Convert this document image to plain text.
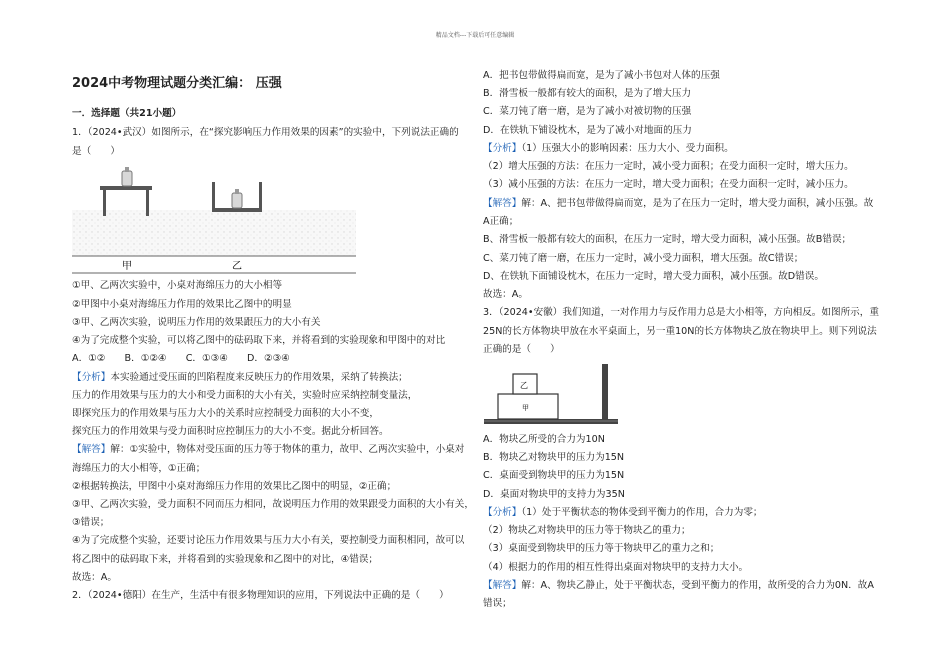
精品文档---下载后可任意编辑
2024中考物理试题分类汇编： 压强
一．选择题（共21小题）
1．（2024•武汉）如图所示，在“探究影响压力作用效果的因素”的实验中，下列说法正确的
是（　　）
甲	乙
①甲、乙两次实验中，小桌对海绵压力的大小相等
②甲图中小桌对海绵压力作用的效果比乙图中的明显
③甲、乙两次实验，说明压力作用的效果跟压力的大小有关
④为了完成整个实验，可以将乙图中的砝码取下来，并将看到的实验现象和甲图中的对比
A．①②　　B．①②④　　C．①③④　　D．②③④
【分析】本实验通过受压面的凹陷程度来反映压力的作用效果，采纳了转换法；
压力的作用效果与压力的大小和受力面积的大小有关，实验时应采纳控制变量法，
即探究压力的作用效果与压力大小的关系时应控制受力面积的大小不变，
探究压力的作用效果与受力面积时应控制压力的大小不变。据此分析回答。
【解答】解：①实验中，物体对受压面的压力等于物体的重力，故甲、乙两次实验中，小桌对
海绵压力的大小相等，①正确；
②根据转换法，甲图中小桌对海绵压力作用的效果比乙图中的明显，②正确；
③甲、乙两次实验，受力面积不同而压力相同，故说明压力作用的效果跟受力面积的大小有关，
③错误；
④为了完成整个实验，还要讨论压力作用效果与压力大小有关，要控制受力面积相同，故可以
将乙图中的砝码取下来，并将看到的实验现象和乙图中的对比，④错误；
故选：A。
2．（2024•德阳）在生产，生活中有很多物理知识的应用，下列说法中正确的是（　　）
A．把书包带做得扁而宽，是为了减小书包对人体的压强
B．滑雪板一般都有较大的面积，是为了增大压力
C．菜刀钝了磨一磨，是为了减小对被切物的压强
D．在铁轨下铺设枕木，是为了减小对地面的压力
【分析】（1）压强大小的影响因素：压力大小、受力面积。
（2）增大压强的方法：在压力一定时，减小受力面积；在受力面积一定时，增大压力。
（3）减小压强的方法：在压力一定时，增大受力面积；在受力面积一定时，减小压力。
【解答】解：A、把书包带做得扁而宽，是为了在压力一定时，增大受力面积，减小压强。故
A正确；
B、滑雪板一般都有较大的面积，在压力一定时，增大受力面积，减小压强。故B错误；
C、菜刀钝了磨一磨，在压力一定时，减小受力面积，增大压强。故C错误；
D、在铁轨下面铺设枕木，在压力一定时，增大受力面积，减小压强。故D错误。
故选：A。
3．（2024•安徽）我们知道，一对作用力与反作用力总是大小相等，方向相反。如图所示，重
25N的长方体物块甲放在水平桌面上，另一重10N的长方体物块乙放在物块甲上。则下列说法
正确的是（　　）
乙
甲
A．物块乙所受的合力为10N
B．物块乙对物块甲的压力为15N
C．桌面受到物块甲的压力为15N
D．桌面对物块甲的支持力为35N
【分析】（1）处于平衡状态的物体受到平衡力的作用，合力为零；
（2）物块乙对物块甲的压力等于物块乙的重力；
（3）桌面受到物块甲的压力等于物块甲乙的重力之和；
（4）根据力的作用的相互性得出桌面对物块甲的支持力大小。
【解答】解：A、物块乙静止，处于平衡状态，受到平衡力的作用，故所受的合力为0N．故A
错误；
